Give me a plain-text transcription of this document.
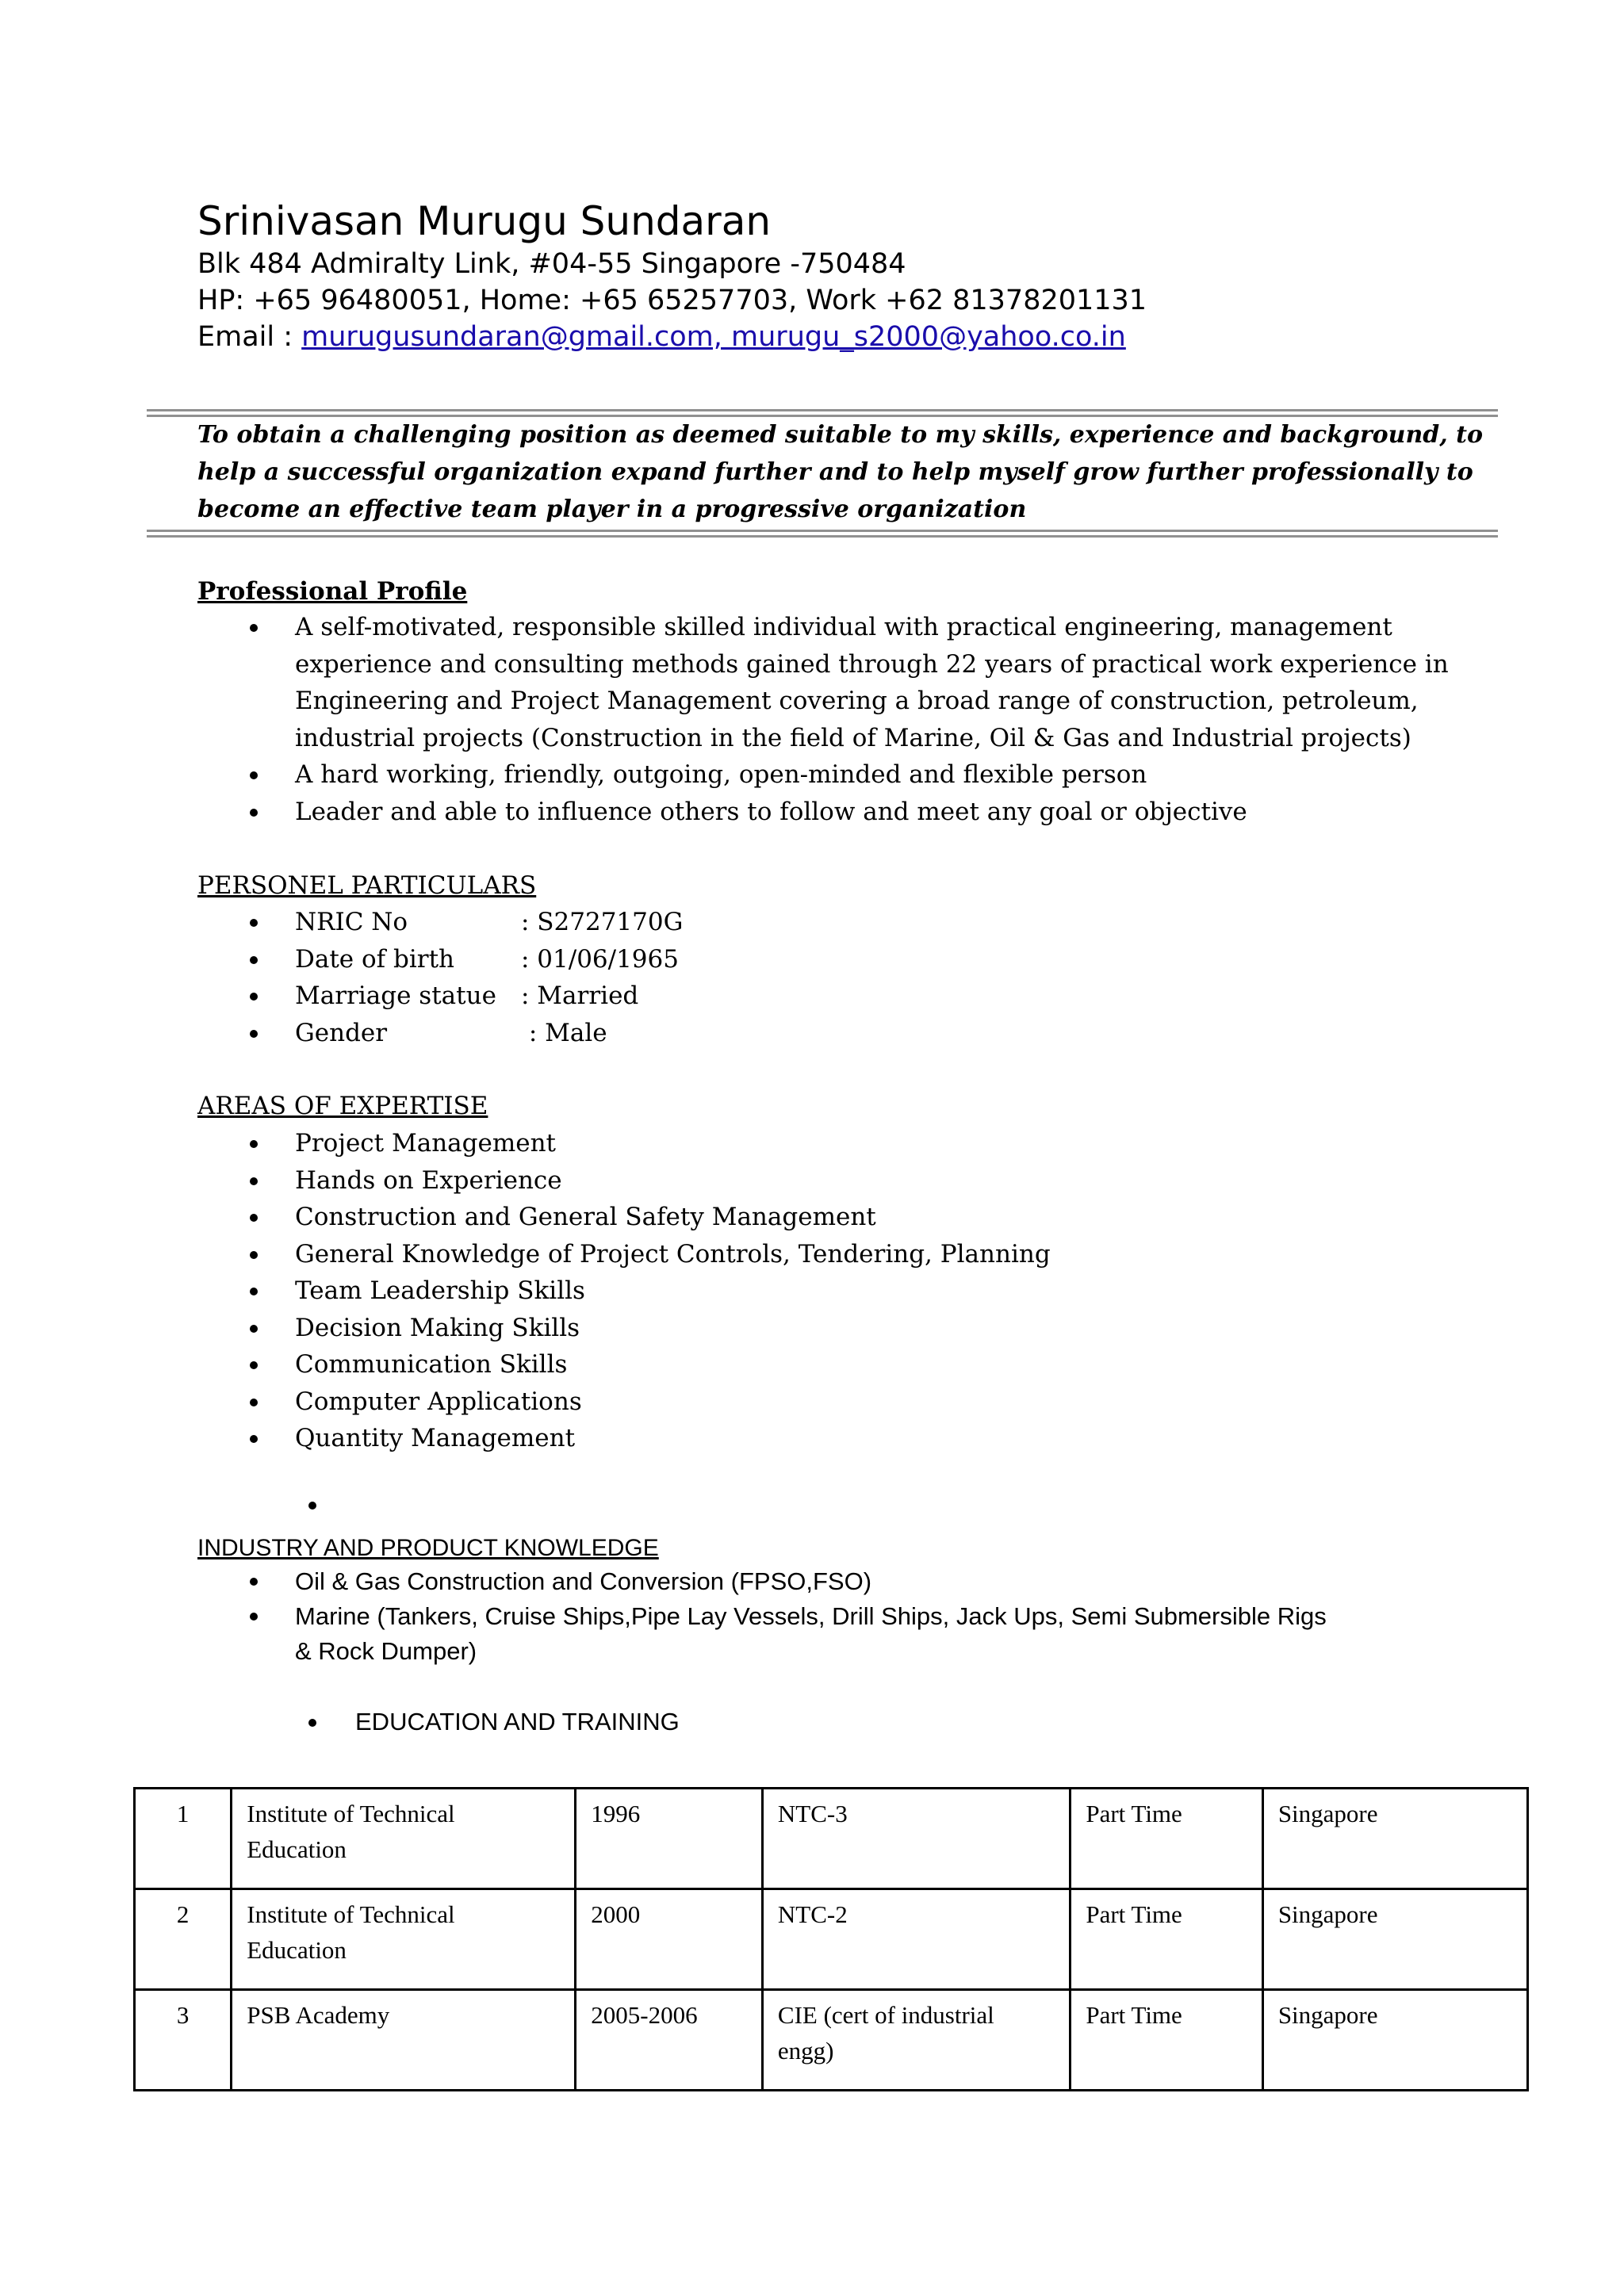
Srinivasan Murugu Sundaran
Blk 484 Admiralty Link, #04-55 Singapore -750484
HP: +65 96480051, Home: +65 65257703, Work +62 81378201131
Email : murugusundaran@gmail.com, murugu_s2000@yahoo.co.in
To obtain a challenging position as deemed suitable to my skills, experience and background, to
help a successful organization expand further and to help myself grow further professionally to
become an effective team player in a progressive organization
Professional Profile
A self-motivated, responsible skilled individual with practical engineering, management
experience and consulting methods gained through 22 years of practical work experience in
Engineering and Project Management covering a broad range of construction, petroleum,
industrial projects (Construction in the field of Marine, Oil & Gas and Industrial projects)
A hard working, friendly, outgoing, open-minded and flexible person
Leader and able to influence others to follow and meet any goal or objective
PERSONEL PARTICULARS
NRIC No	: S2727170G
Date of birth	: 01/06/1965
Marriage statue : Married
Gender	: Male
AREAS OF EXPERTISE
Project Management
Hands on Experience
Construction and General Safety Management
General Knowledge of Project Controls, Tendering, Planning
Team Leadership Skills
Decision Making Skills
Communication Skills
Computer Applications
Quantity Management
INDUSTRY AND PRODUCT KNOWLEDGE
Oil & Gas Construction and Conversion (FPSO,FSO)
Marine (Tankers, Cruise Ships,Pipe Lay Vessels, Drill Ships, Jack Ups, Semi Submersible Rigs
& Rock Dumper)
EDUCATION AND TRAINING
1	Institute of Technical Education	1996	NTC-3	Part Time	Singapore
2	Institute of Technical Education	2000	NTC-2	Part Time	Singapore
3	PSB Academy	2005-2006	CIE (cert of industrial engg)	Part Time	Singapore
